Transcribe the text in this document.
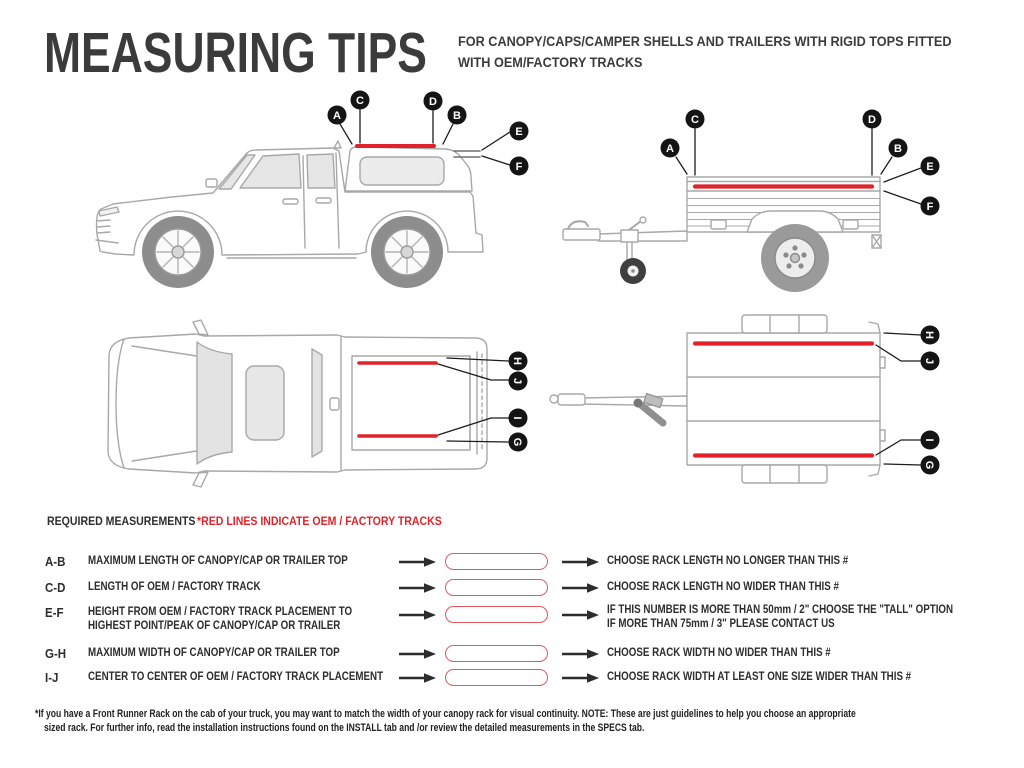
MEASURING TIPS FOR CANOPY/CAPS/CAMPER SHELLS AND TRAILERS WITH RIGID TOPS FITTED
WITH OEM/FACTORY TRACKS
A
C	D
B
E
F
A
C	D
B
E
F
H
J
I
G
H
J
I
G
REQUIRED MEASUREMENTS *RED LINES INDICATE OEM / FACTORY TRACKS
A-B MAXIMUM LENGTH OF CANOPY/CAP OR TRAILER TOP	CHOOSE RACK LENGTH NO LONGER THAN THIS #
C-D LENGTH OF OEM / FACTORY TRACK	CHOOSE RACK LENGTH NO WIDER THAN THIS #
E-F HEIGHT FROM OEM / FACTORY TRACK PLACEMENT TO
HIGHEST POINT/PEAK OF CANOPY/CAP OR TRAILER
IF THIS NUMBER IS MORE THAN 50mm / 2" CHOOSE THE "TALL" OPTION
IF MORE THAN 75mm / 3" PLEASE CONTACT US
G-H MAXIMUM WIDTH OF CANOPY/CAP OR TRAILER TOP	CHOOSE RACK WIDTH NO WIDER THAN THIS #
I-J	CENTER TO CENTER OF OEM / FACTORY TRACK PLACEMENT	CHOOSE RACK WIDTH AT LEAST ONE SIZE WIDER THAN THIS #
*If you have a Front Runner Rack on the cab of your truck, you may want to match the width of your canopy rack for visual continuity. NOTE: These are just guidelines to help you choose an appropriate
sized rack. For further info, read the installation instructions found on the INSTALL tab and /or review the detailed measurements in the SPECS tab.
